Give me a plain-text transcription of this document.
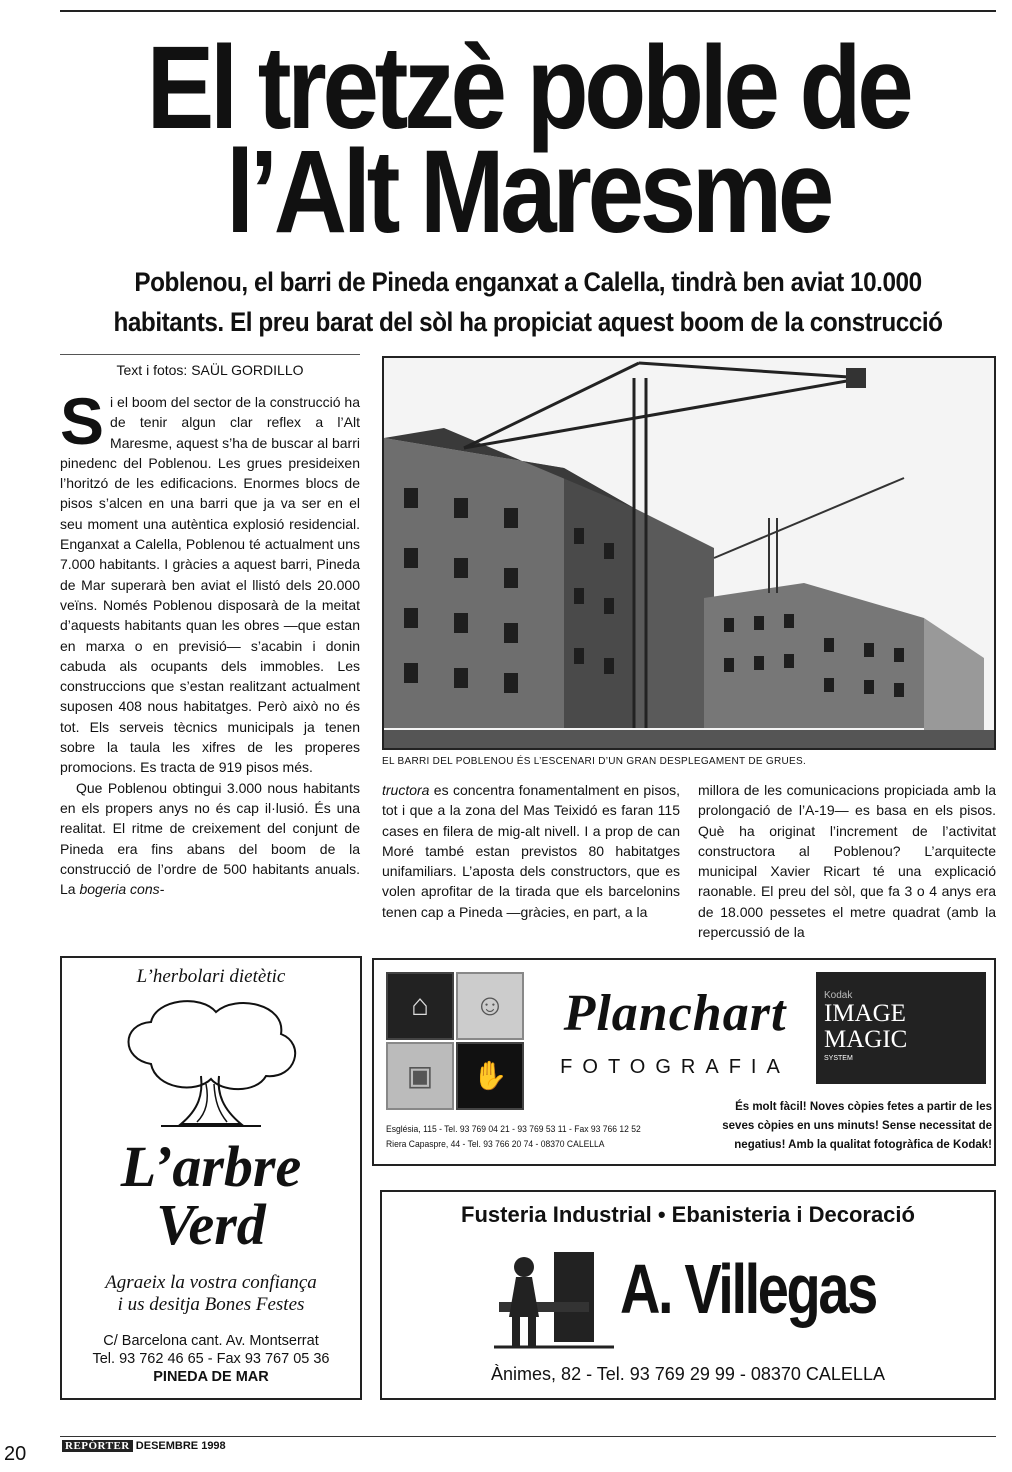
El tretzè poble de
l’Alt Maresme
Poblenou, el barri de Pineda enganxat a Calella, tindrà ben aviat 10.000
habitants. El preu barat del sòl ha propiciat aquest boom de la construcció
Text i fotos: SAÜL GORDILLO

Si el boom del sector de la construcció ha de tenir algun clar reflex a l’Alt Maresme, aquest s’ha de buscar al barri pinedenc del Poblenou. Les grues presideixen l’horitzó de les edificacions. Enormes blocs de pisos s’alcen en una barri que ja va ser en el seu moment una autèntica explosió residencial. Enganxat a Calella, Poblenou té actualment uns 7.000 habitants. I gràcies a aquest barri, Pineda de Mar superarà ben aviat el llistó dels 20.000 veïns. Només Poblenou disposarà de la meitat d’aquests habitants quan les obres —que estan en marxa o en previsió— s’acabin i donin cabuda als ocupants dels immobles. Les construccions que s’estan realitzant actualment suposen 408 nous habitatges. Però això no és tot. Els serveis tècnics municipals ja tenen sobre la taula les xifres de les properes promocions. Es tracta de 919 pisos més.

Que Poblenou obtingui 3.000 nous habitants en els propers anys no és cap il·lusió. És una realitat. El ritme de creixement del conjunt de Pineda era fins abans del boom de la construcció de l’ordre de 500 habitants anuals. La bogeria cons-

EL BARRI DEL POBLENOU ÉS L’ESCENARI D’UN GRAN DESPLEGAMENT DE GRUES.

tructora es concentra fonamentalment en pisos, tot i que a la zona del Mas Teixidó es faran 115 cases en filera de mig-alt nivell. I a prop de can Moré també estan previstos 80 habitatges unifamiliars. L’aposta dels constructors, que es volen aprofitar de la tirada que els barcelonins tenen cap a Pineda —gràcies, en part, a la

millora de les comunicacions propiciada amb la prolongació de l’A-19— es basa en els pisos. Què ha originat l’increment de l’activitat constructora al Poblenou? L’arquitecte municipal Xavier Ricart té una explicació raonable. El preu del sòl, que fa 3 o 4 anys era de 18.000 pessetes el metre quadrat (amb la repercussió de la

L’herbolari dietètic
L’arbre
Verd
Agraeix la vostra confiança
i us desitja Bones Festes
C/ Barcelona cant. Av. Montserrat
Tel. 93 762 46 65 - Fax 93 767 05 36
PINEDA DE MAR
⌂	☺
▣	✋
Planchart
FOTOGRAFIA
Kodak
IMAGE MAGIC
SYSTEM
Església, 115 - Tel. 93 769 04 21 - 93 769 53 11 - Fax 93 766 12 52
Riera Capaspre, 44 - Tel. 93 766 20 74 - 08370 CALELLA
És molt fàcil! Noves còpies fetes a partir de les
seves còpies en uns minuts! Sense necessitat de
negatius! Amb la qualitat fotogràfica de Kodak!
Fusteria Industrial • Ebanisteria i Decoració
A. Villegas
Ànimes, 82 - Tel. 93 769 29 99 - 08370 CALELLA
20	REPÒRTER DESEMBRE 1998
